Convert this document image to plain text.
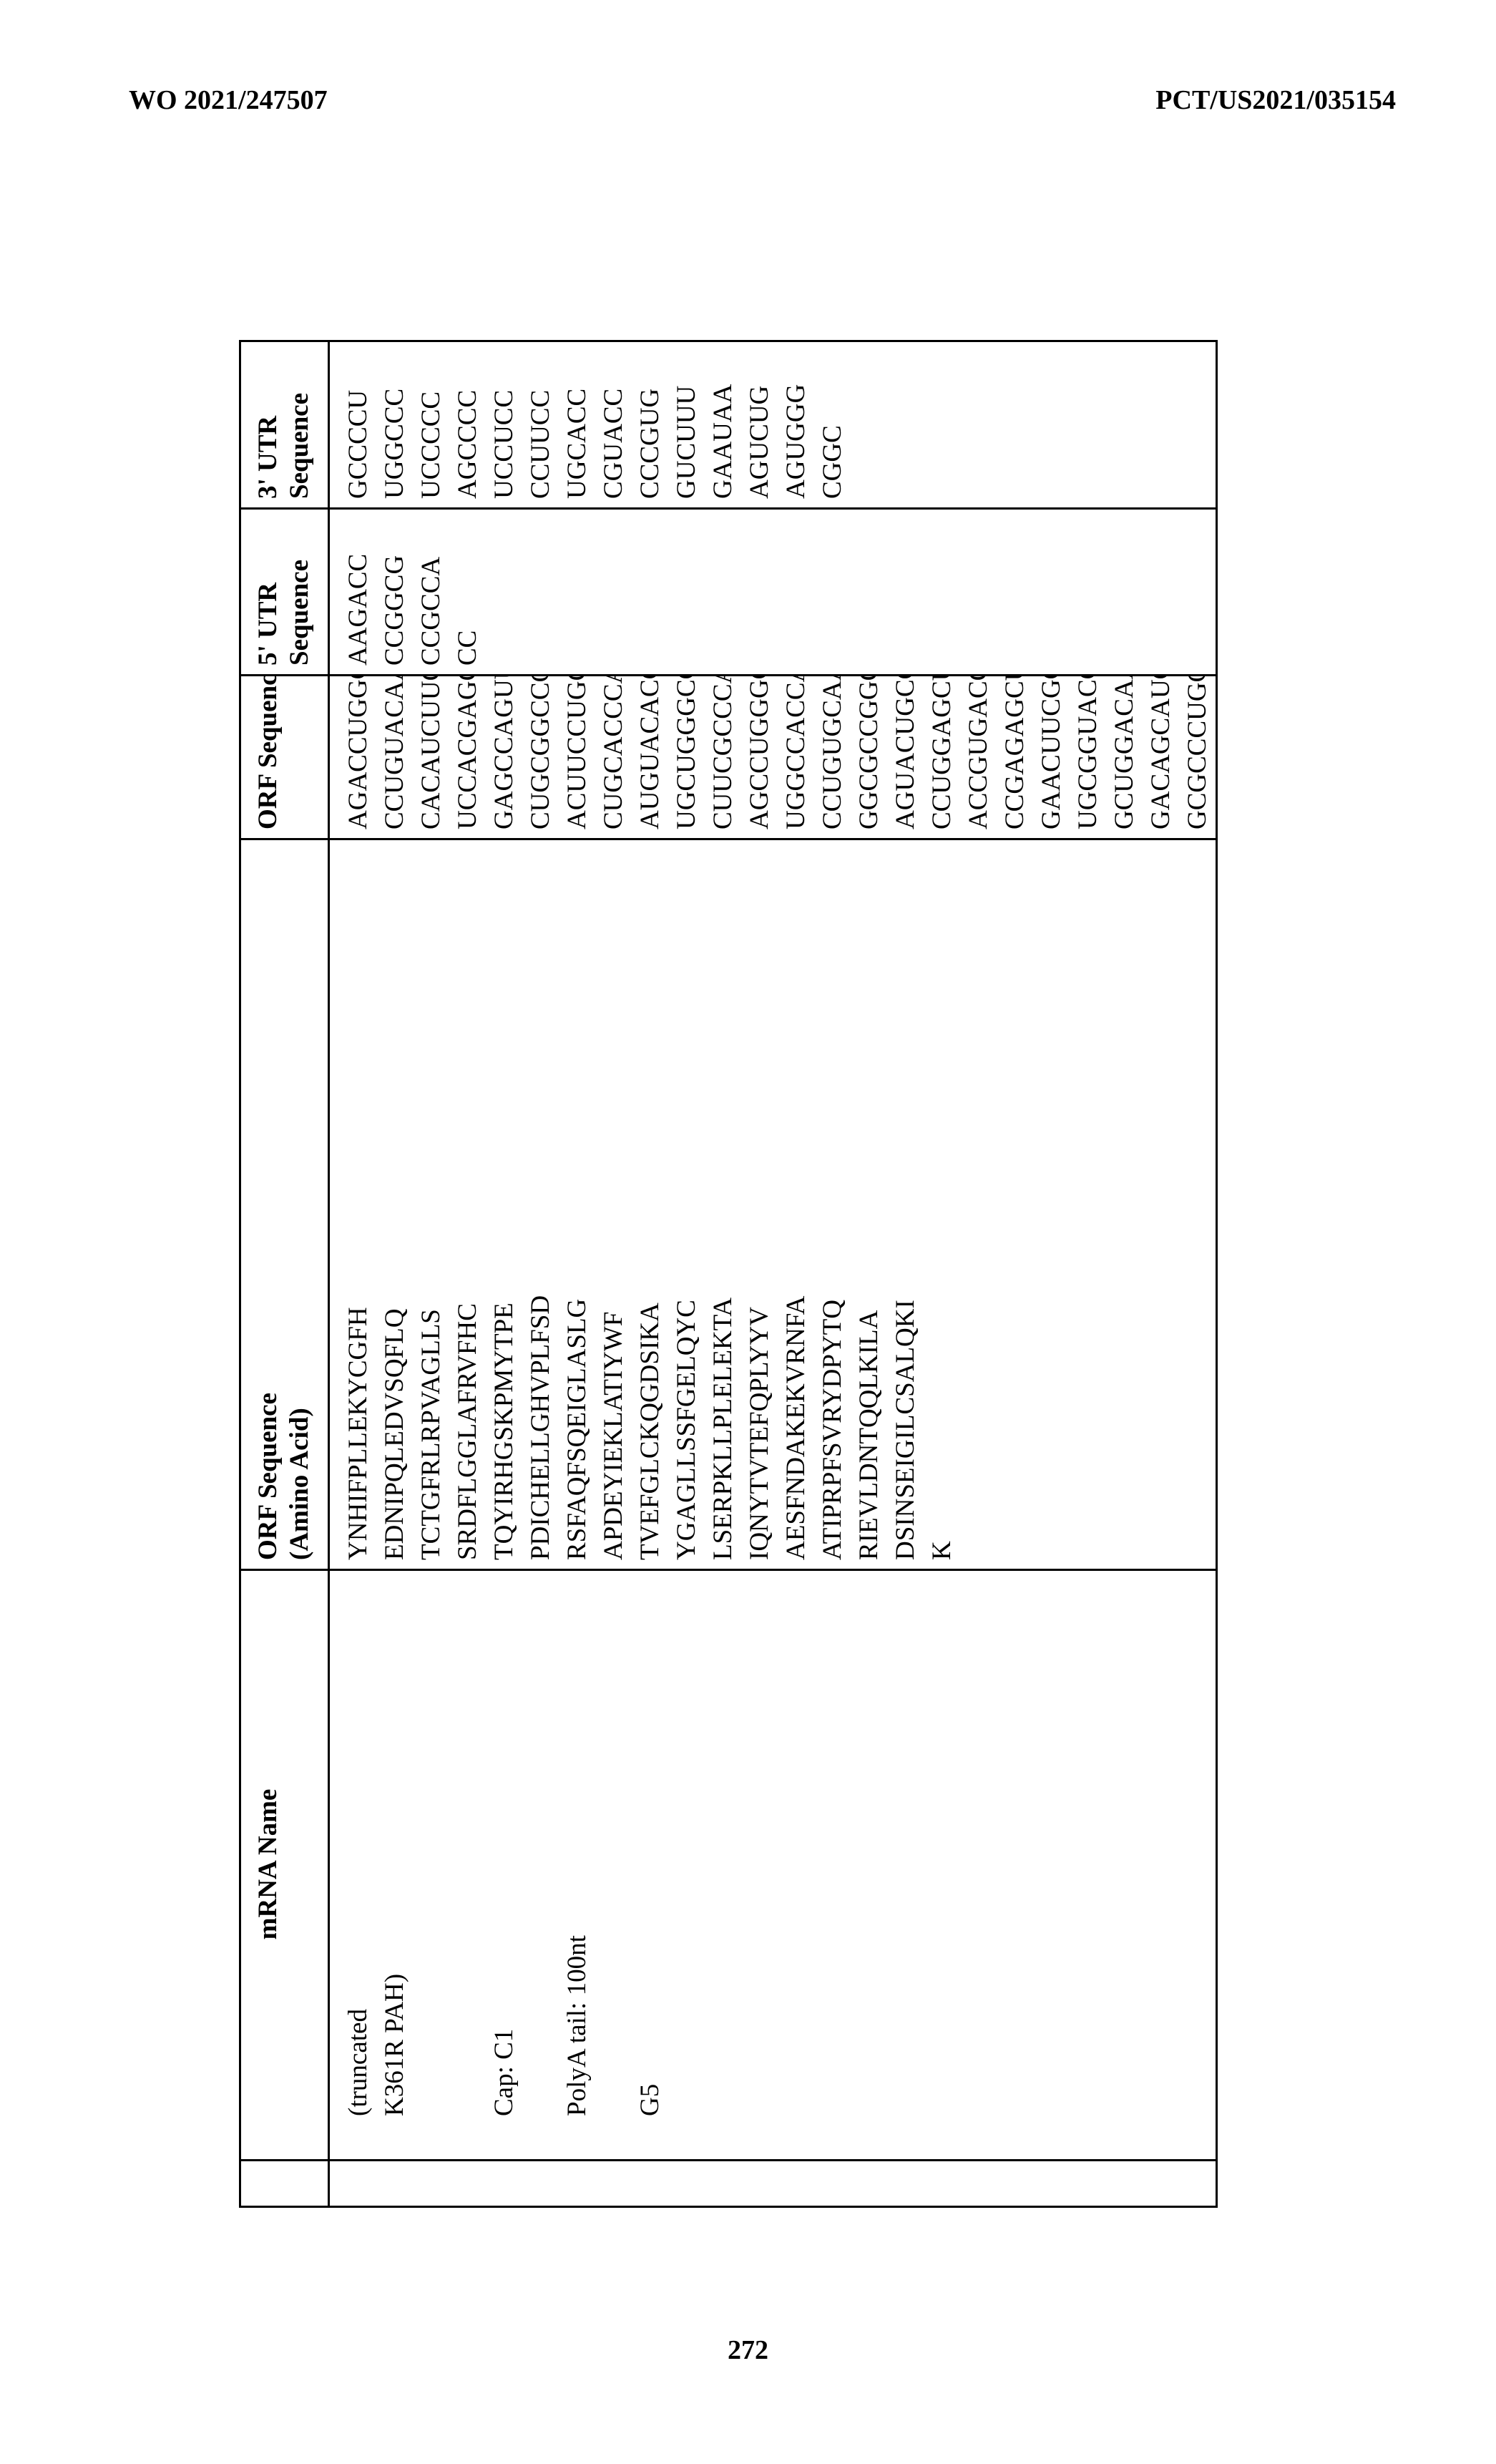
WO 2021/247507	PCT/US2021/035154

mRNA Name

ORF Sequence (Amino Acid)

5' UTR Sequence

3' UTR Sequence

(truncated K361R PAH)	Cap: C1 PolyA tail: 100nt G5

YNHIFPLLEKYCGFH EDNIPQLEDVSQFLQ TCTGFRLRPVAGLLS SRDFLGGLAFRVFHC TQYIRHGSKPMYTPE PDICHELLGHVPLFSD RSFAQFSQEIGLASLG APDEYIEKLATIYWF TVEFGLCKQGDSIKA YGAGLLSSFGELQYC LSERPKLLPLELEKTA IQNYTVTEFQPLYYV AESFNDAKEKVRNFA ATIPRPFSVRYDPYTQ RIEVLDNTQQLKILA DSINSEIGILCSALQKI K

AAGACC CCGGCG CCGCCA CC

GCCCCU UGGCCC UCCCCC AGCCCC UCCUCC CCUUCC UGCACC CGUACC CCCGUG GUCUUU GAAUAA AGUCUG AGUGGG CGGC

272
